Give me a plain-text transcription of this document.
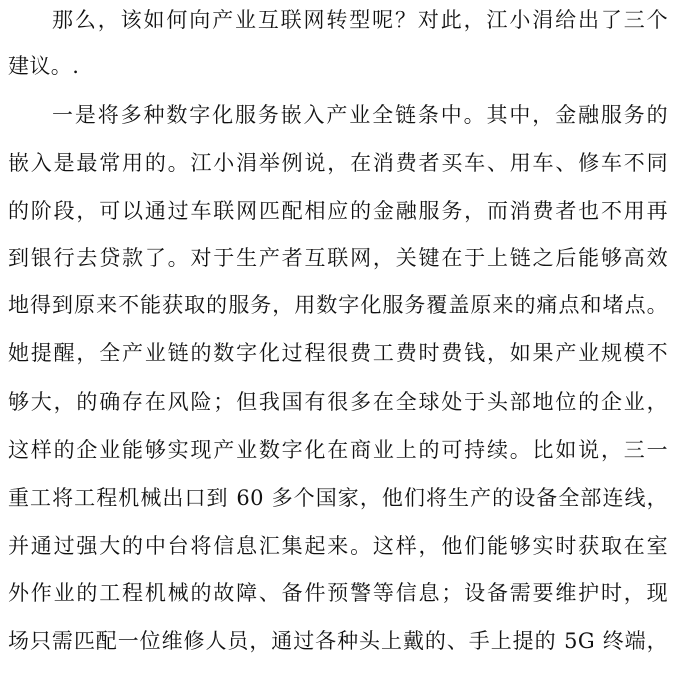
那么，该如何向产业互联网转型呢？对此，江小涓给出了三个
建议。.
一是将多种数字化服务嵌入产业全链条中。其中，金融服务的
嵌入是最常用的。江小涓举例说，在消费者买车、用车、修车不同
的阶段，可以通过车联网匹配相应的金融服务，而消费者也不用再
到银行去贷款了。对于生产者互联网，关键在于上链之后能够高效
地得到原来不能获取的服务，用数字化服务覆盖原来的痛点和堵点。
她提醒，全产业链的数字化过程很费工费时费钱，如果产业规模不
够大，的确存在风险；但我国有很多在全球处于头部地位的企业，
这样的企业能够实现产业数字化在商业上的可持续。比如说，三一
重工将工程机械出口到 60 多个国家，他们将生产的设备全部连线，
并通过强大的中台将信息汇集起来。这样，他们能够实时获取在室
外作业的工程机械的故障、备件预警等信息；设备需要维护时，现
场只需匹配一位维修人员，通过各种头上戴的、手上提的 5G 终端，
